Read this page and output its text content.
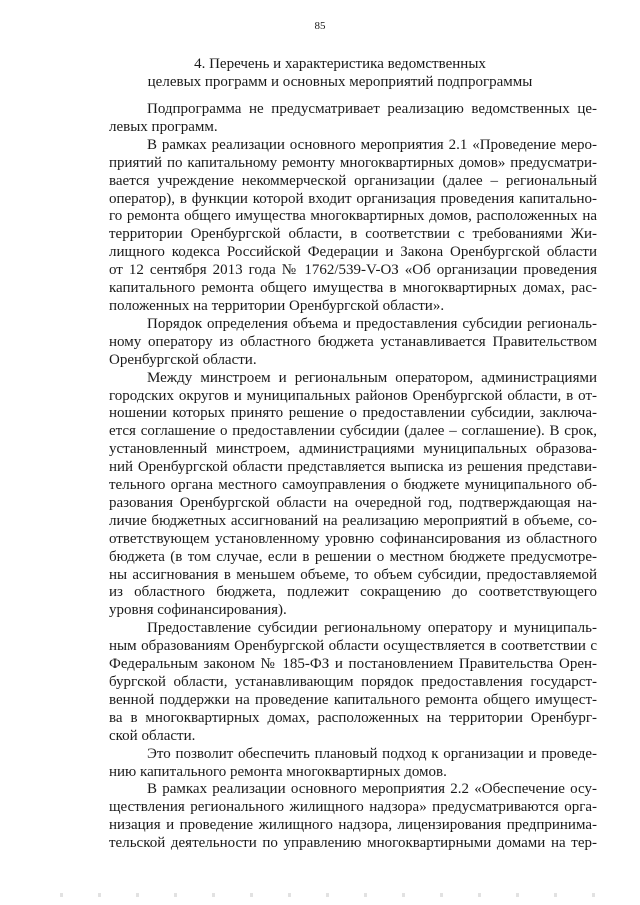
85
4. Перечень и характеристика ведомственных
целевых программ и основных мероприятий подпрограммы

Подпрограмма не предусматривает реализацию ведомственных це-
левых программ.

В рамках реализации основного мероприятия 2.1 «Проведение меро-
приятий по капитальному ремонту многоквартирных домов» предусматри-
вается учреждение некоммерческой организации (далее – региональный
оператор), в функции которой входит организация проведения капитально-
го ремонта общего имущества многоквартирных домов, расположенных на
территории Оренбургской области, в соответствии с требованиями Жи-
лищного кодекса Российской Федерации и Закона Оренбургской области
от 12 сентября 2013 года № 1762/539-V-ОЗ «Об организации проведения
капитального ремонта общего имущества в многоквартирных домах, рас-
положенных на территории Оренбургской области».

Порядок определения объема и предоставления субсидии региональ-
ному оператору из областного бюджета устанавливается Правительством
Оренбургской области.

Между минстроем и региональным оператором, администрациями
городских округов и муниципальных районов Оренбургской области, в от-
ношении которых принято решение о предоставлении субсидии, заключа-
ется соглашение о предоставлении субсидии (далее – соглашение). В срок,
установленный минстроем, администрациями муниципальных образова-
ний Оренбургской области представляется выписка из решения представи-
тельного органа местного самоуправления о бюджете муниципального об-
разования Оренбургской области на очередной год, подтверждающая на-
личие бюджетных ассигнований на реализацию мероприятий в объеме, со-
ответствующем установленному уровню софинансирования из областного
бюджета (в том случае, если в решении о местном бюджете предусмотре-
ны ассигнования в меньшем объеме, то объем субсидии, предоставляемой
из областного бюджета, подлежит сокращению до соответствующего
уровня софинансирования).

Предоставление субсидии региональному оператору и муниципаль-
ным образованиям Оренбургской области осуществляется в соответствии с
Федеральным законом № 185-ФЗ и постановлением Правительства Орен-
бургской области, устанавливающим порядок предоставления государст-
венной поддержки на проведение капитального ремонта общего имущест-
ва в многоквартирных домах, расположенных на территории Оренбург-
ской области.

Это позволит обеспечить плановый подход к организации и проведе-
нию капитального ремонта многоквартирных домов.

В рамках реализации основного мероприятия 2.2 «Обеспечение осу-
ществления регионального жилищного надзора» предусматриваются орга-
низация и проведение жилищного надзора, лицензирования предпринима-
тельской деятельности по управлению многоквартирными домами на тер-
